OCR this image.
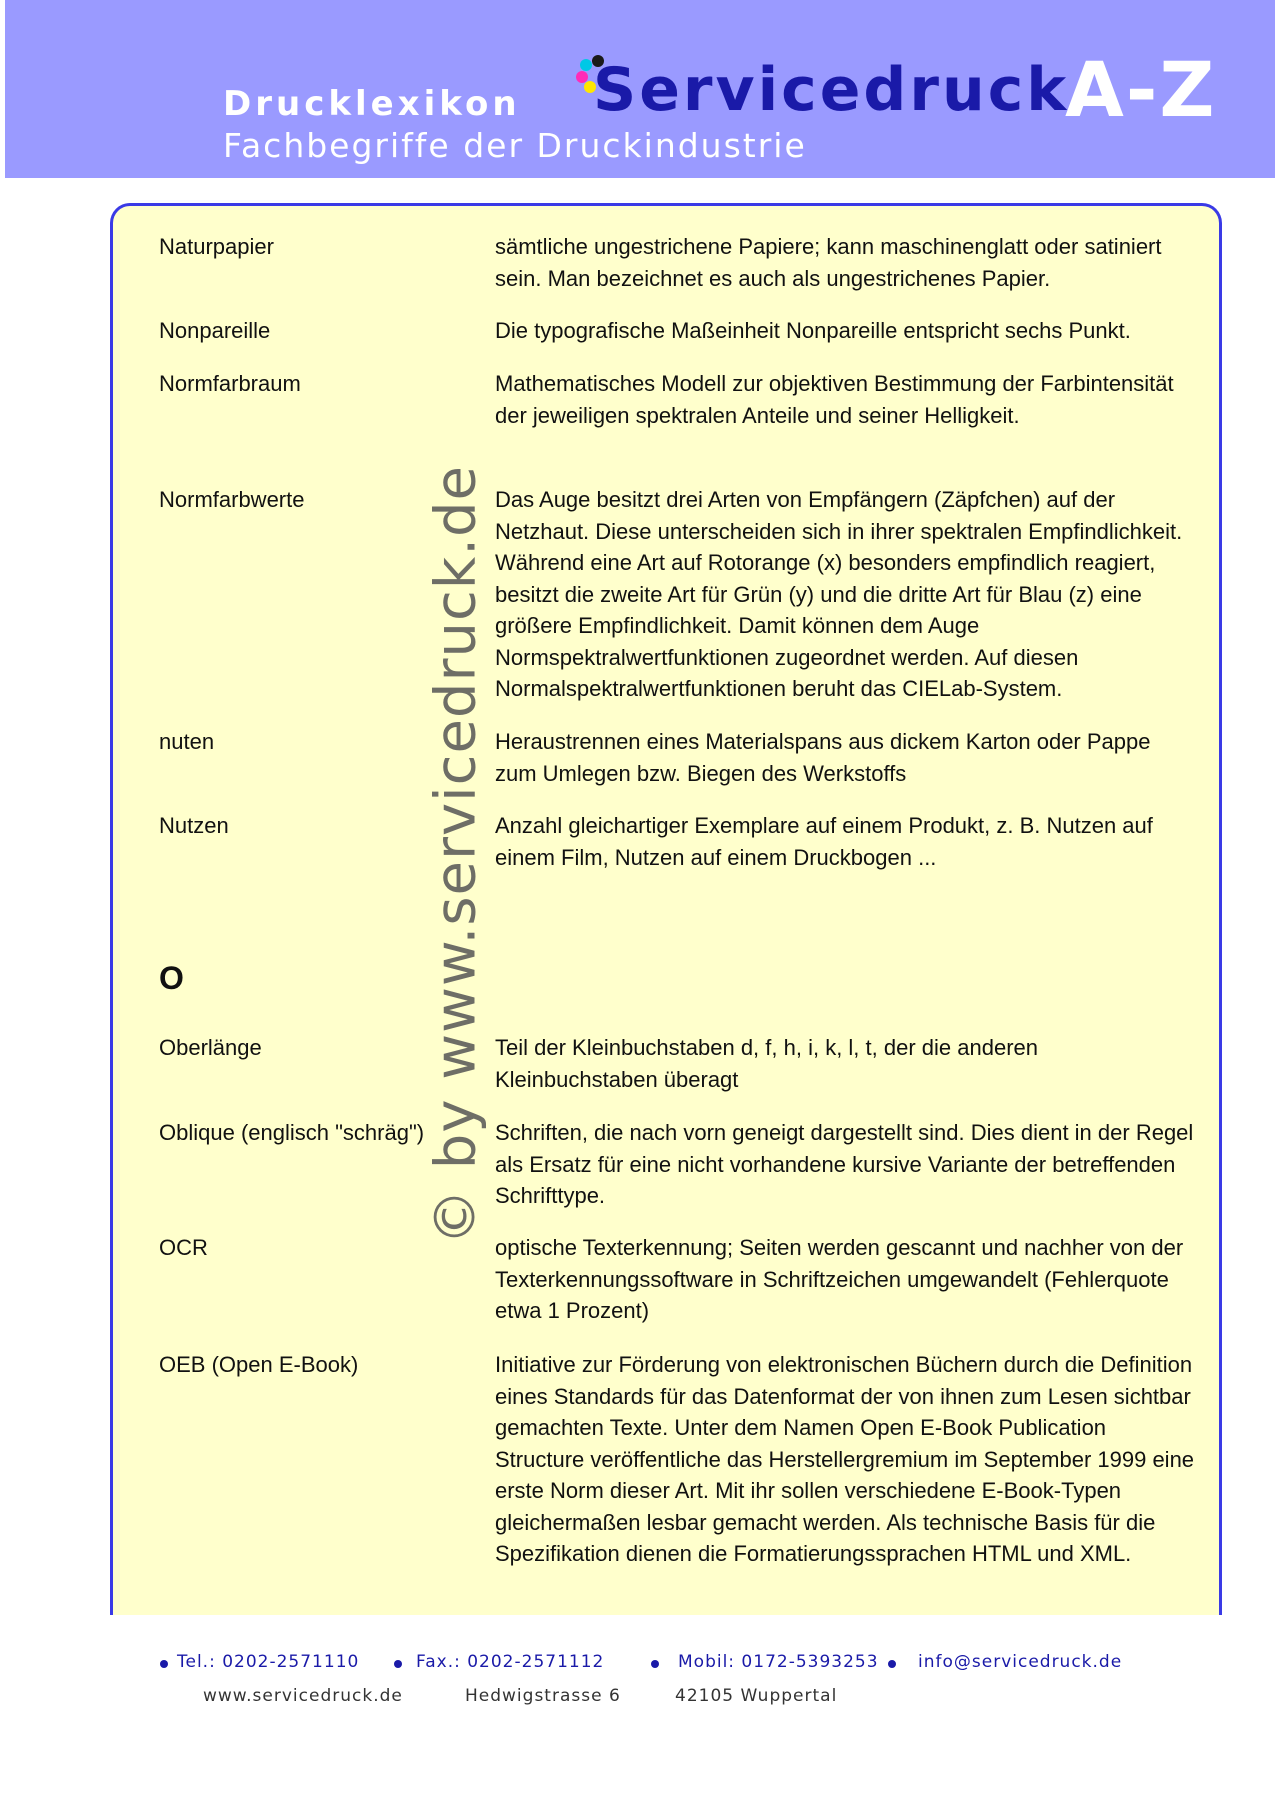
Drucklexikon
Fachbegriffe der Druckindustrie
Servicedruck
A-Z
© by www.servicedruck.de
Naturpapier	sämtliche ungestrichene Papiere; kann maschinenglatt oder satiniert sein. Man bezeichnet es auch als ungestrichenes Papier.
Nonpareille	Die typografische Maßeinheit Nonpareille entspricht sechs Punkt.
Normfarbraum	Mathematisches Modell zur objektiven Bestimmung der Farbintensität der jeweiligen spektralen Anteile und seiner Helligkeit.
Normfarbwerte	Das Auge besitzt drei Arten von Empfängern (Zäpfchen) auf der Netzhaut. Diese unterscheiden sich in ihrer spektralen Empfindlichkeit. Während eine Art auf Rotorange (x) besonders empfindlich reagiert, besitzt die zweite Art für Grün (y) und die dritte Art für Blau (z) eine größere Empfindlichkeit. Damit können dem Auge Normspektralwertfunktionen zugeordnet werden. Auf diesen Normalspektralwertfunktionen beruht das CIELab-System.
nuten	Heraustrennen eines Materialspans aus dickem Karton oder Pappe zum Umlegen bzw. Biegen des Werkstoffs
Nutzen	Anzahl gleichartiger Exemplare auf einem Produkt, z. B. Nutzen auf einem Film, Nutzen auf einem Druckbogen ...
O
Oberlänge	Teil der Kleinbuchstaben d, f, h, i, k, l, t, der die anderen Kleinbuchstaben überagt
Oblique (englisch "schräg")	Schriften, die nach vorn geneigt dargestellt sind. Dies dient in der Regel als Ersatz für eine nicht vorhandene kursive Variante der betreffenden Schrifttype.
OCR	optische Texterkennung; Seiten werden gescannt und nachher von der Texterkennungssoftware in Schriftzeichen umgewandelt (Fehlerquote etwa 1 Prozent)
OEB (Open E-Book)	Initiative zur Förderung von elektronischen Büchern durch die Definition eines Standards für das Datenformat der von ihnen zum Lesen sichtbar gemachten Texte. Unter dem Namen Open E-Book Publication Structure veröffentliche das Herstellergremium im September 1999 eine erste Norm dieser Art. Mit ihr sollen verschiedene E-Book-Typen gleichermaßen lesbar gemacht werden. Als technische Basis für die Spezifikation dienen die Formatierungssprachen HTML und XML.
Tel.: 0202-2571110	Fax.: 0202-2571112	Mobil: 0172-5393253 info@servicedruck.de
www.servicedruck.de	Hedwigstrasse 6	42105 Wuppertal
